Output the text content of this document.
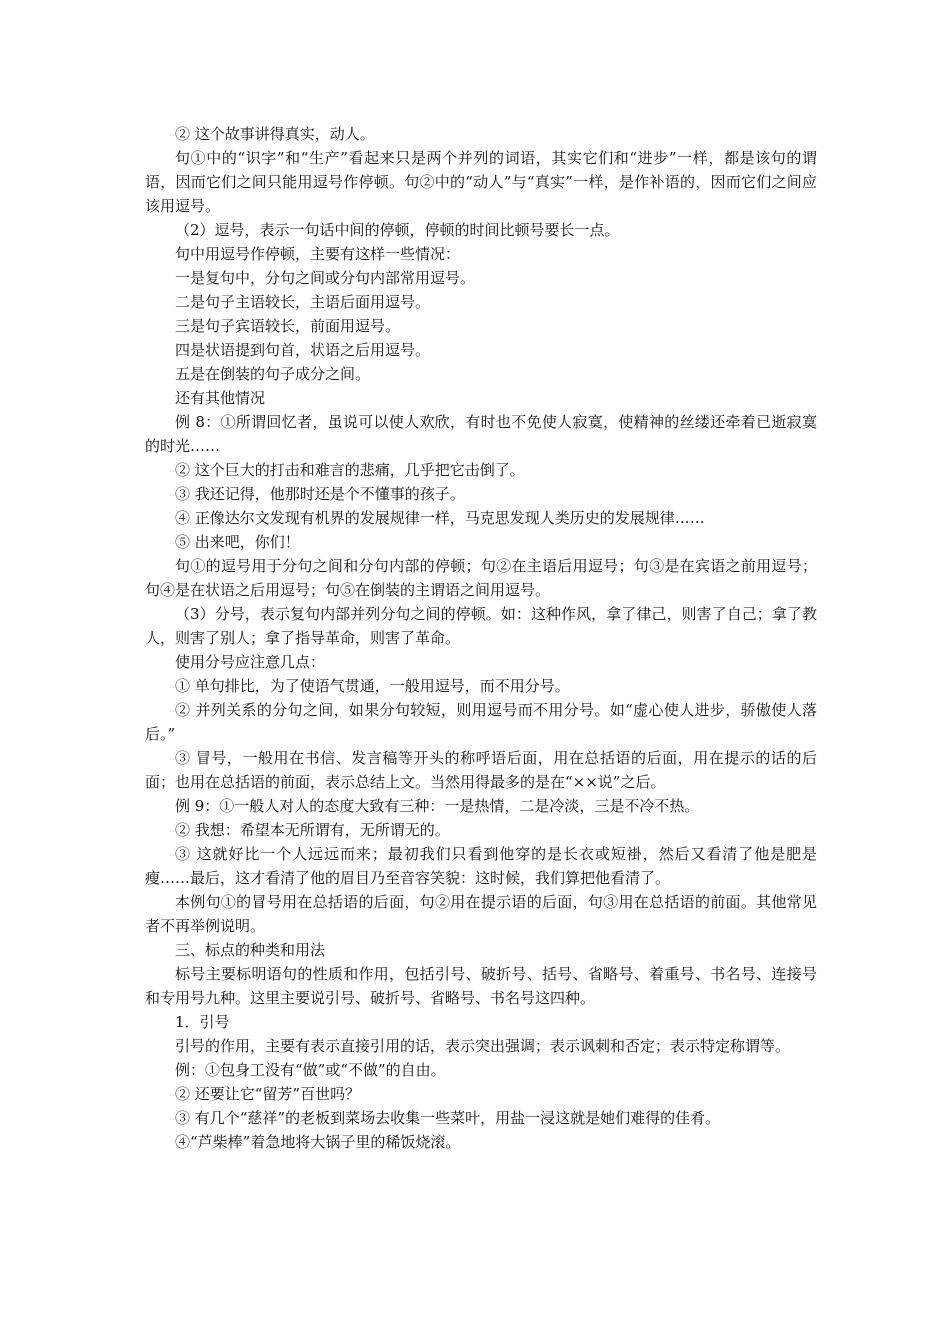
② 这个故事讲得真实，动人。

句①中的“识字”和“生产”看起来只是两个并列的词语，其实它们和“进步”一样，都是该句的谓语，因而它们之间只能用逗号作停顿。句②中的“动人”与“真实”一样，是作补语的，因而它们之间应该用逗号。

（2）逗号，表示一句话中间的停顿，停顿的时间比顿号要长一点。

句中用逗号作停顿，主要有这样一些情况：

一是复句中，分句之间或分句内部常用逗号。

二是句子主语较长，主语后面用逗号。

三是句子宾语较长，前面用逗号。

四是状语提到句首，状语之后用逗号。

五是在倒装的句子成分之间。

还有其他情况

例 8：①所谓回忆者，虽说可以使人欢欣，有时也不免使人寂寞，使精神的丝缕还牵着已逝寂寞的时光……

② 这个巨大的打击和难言的悲痛，几乎把它击倒了。

③ 我还记得，他那时还是个不懂事的孩子。

④ 正像达尔文发现有机界的发展规律一样，马克思发现人类历史的发展规律……

⑤ 出来吧，你们！

句①的逗号用于分句之间和分句内部的停顿；句②在主语后用逗号；句③是在宾语之前用逗号；句④是在状语之后用逗号；句⑤在倒装的主谓语之间用逗号。

（3）分号，表示复句内部并列分句之间的停顿。如：这种作风，拿了律己，则害了自己；拿了教人，则害了别人；拿了指导革命，则害了革命。

使用分号应注意几点：

① 单句排比，为了使语气贯通，一般用逗号，而不用分号。

② 并列关系的分句之间，如果分句较短，则用逗号而不用分号。如“虚心使人进步，骄傲使人落后。”

③ 冒号，一般用在书信、发言稿等开头的称呼语后面，用在总括语的后面，用在提示的话的后面；也用在总括语的前面，表示总结上文。当然用得最多的是在“××说”之后。

例 9：①一般人对人的态度大致有三种：一是热情，二是冷淡，三是不冷不热。

② 我想：希望本无所谓有，无所谓无的。

③ 这就好比一个人远远而来；最初我们只看到他穿的是长衣或短褂，然后又看清了他是肥是瘦……最后，这才看清了他的眉目乃至音容笑貌：这时候，我们算把他看清了。

本例句①的冒号用在总括语的后面，句②用在提示语的后面，句③用在总括语的前面。其他常见者不再举例说明。

三、标点的种类和用法

标号主要标明语句的性质和作用，包括引号、破折号、括号、省略号、着重号、书名号、连接号和专用号九种。这里主要说引号、破折号、省略号、书名号这四种。

1．引号

引号的作用，主要有表示直接引用的话，表示突出强调；表示讽刺和否定；表示特定称谓等。

例：①包身工没有“做”或“不做”的自由。

② 还要让它“留芳”百世吗？

③ 有几个“慈祥”的老板到菜场去收集一些菜叶，用盐一浸这就是她们难得的佳肴。

④“芦柴棒”着急地将大锅子里的稀饭烧滚。
